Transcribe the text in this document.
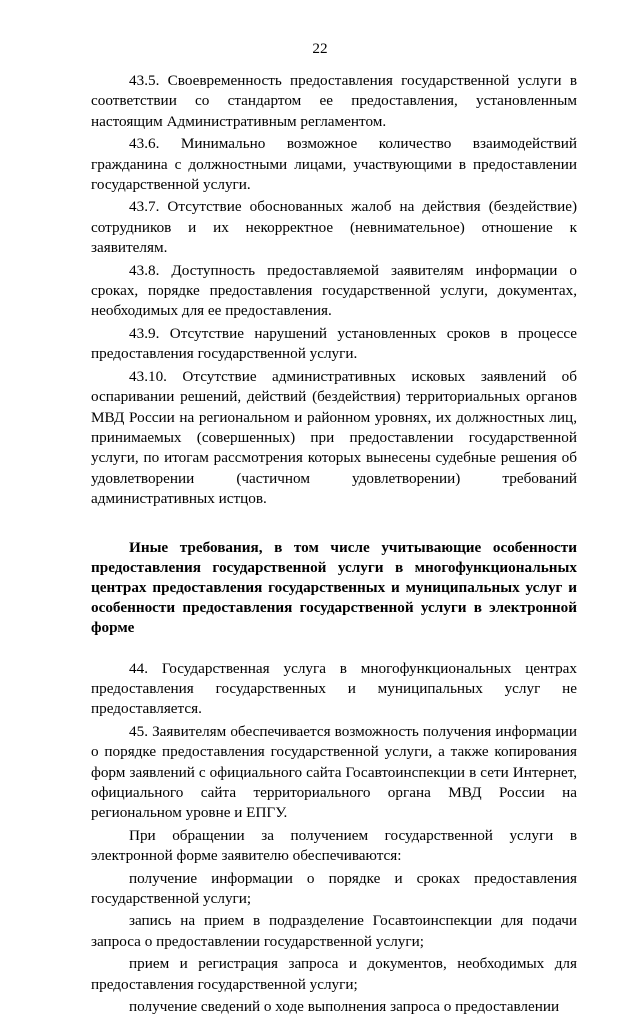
22

43.5. Своевременность предоставления государственной услуги в соответствии со стандартом ее предоставления, установленным настоящим Административным регламентом.

43.6. Минимально возможное количество взаимодействий гражданина с должностными лицами, участвующими в предоставлении государственной услуги.

43.7. Отсутствие обоснованных жалоб на действия (бездействие) сотрудников и их некорректное (невнимательное) отношение к заявителям.

43.8. Доступность предоставляемой заявителям информации о сроках, порядке предоставления государственной услуги, документах, необходимых для ее предоставления.

43.9. Отсутствие нарушений установленных сроков в процессе предоставления государственной услуги.

43.10. Отсутствие административных исковых заявлений об оспаривании решений, действий (бездействия) территориальных органов МВД России на региональном и районном уровнях, их должностных лиц, принимаемых (совершенных) при предоставлении государственной услуги, по итогам рассмотрения которых вынесены судебные решения об удовлетворении (частичном удовлетворении) требований административных истцов.

Иные требования, в том числе учитывающие особенности предоставления государственной услуги в многофункциональных центрах предоставления государственных и муниципальных услуг и особенности предоставления государственной услуги в электронной форме

44. Государственная услуга в многофункциональных центрах предоставления государственных и муниципальных услуг не предоставляется.

45. Заявителям обеспечивается возможность получения информации о порядке предоставления государственной услуги, а также копирования форм заявлений с официального сайта Госавтоинспекции в сети Интернет, официального сайта территориального органа МВД России на региональном уровне и ЕПГУ.

При обращении за получением государственной услуги в электронной форме заявителю обеспечиваются:

получение информации о порядке и сроках предоставления государственной услуги;

запись на прием в подразделение Госавтоинспекции для подачи запроса о предоставлении государственной услуги;

прием и регистрация запроса и документов, необходимых для предоставления государственной услуги;

получение сведений о ходе выполнения запроса о предоставлении
